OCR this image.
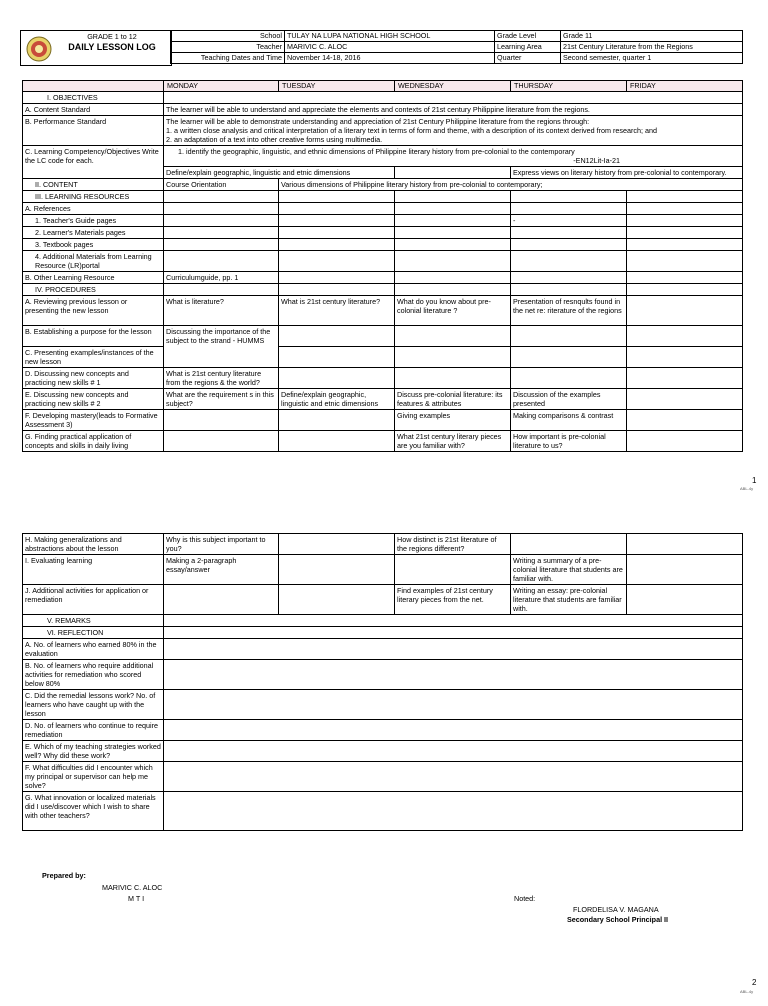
GRADE 1 to 12
DAILY LESSON LOG
School	TULAY NA LUPA NATIONAL HIGH SCHOOL	Grade Level	Grade 11
Teacher	MARIVIC C. ALOC	Learning Area	21st Century Literature from the Regions
Teaching Dates and Time	November 14-18, 2016	Quarter	Second semester, quarter 1
	MONDAY	TUESDAY	WEDNESDAY	THURSDAY	FRIDAY
I. OBJECTIVES					
A. Content Standard	The learner will be able to understand and appreciate the elements and contexts of 21st century Philippine literature from the regions.				
B. Performance Standard	The learner will be able to demonstrate understanding and appreciation of 21st Century Philippine literature from the regions through:
1. a written close analysis and critical interpretation of a literary text in terms of form and theme, with a description of its context derived from research; and
2. an adaptation of a text into other creative forms using multimedia.				

C. Learning Competency/Objectives Write the LC code for each.	1. identify the geographic, linguistic, and ethnic dimensions of Philippine literary history from pre-colonial to the contemporary
-EN12Lit-Ia-21				

	Define/explain geographic, linguistic and etnic dimensions			Express views on literary history from pre-colonial to contemporary.	
II. CONTENT	Course Orientation	Various dimensions of Philippine literary history from pre-colonial to contemporary;			
III. LEARNING RESOURCES					
A. References					
1. Teacher's Guide pages				-	
2. Learner's Materials pages					
3. Textbook pages					
4. Additional Materials from Learning Resource (LR)portal					
B. Other Learning Resource	Curriculumguide, pp. 1				
IV. PROCEDURES					
A. Reviewing previous lesson or presenting the new lesson	What is literature?	What is 21st century literature?	What do you know about pre-colonial literature ?	Presentation of resnqults found in the net re: riterature of the regions	
B. Establishing a purpose for the lesson	Discussing the importance of the subject to the strand - HUMMS				
C. Presenting examples/instances of the new lesson					
D. Discussing new concepts and practicing new skills # 1	What is 21st century literature from the regions & the world?				
E. Discussing new concepts and practicing new skills # 2	What are the requirement s in this subject?	Define/explain geographic, linguistic and etnic dimensions	Discuss pre-colonial literature: its features & attributes	Discussion of the examples presented	
F. Developing mastery(leads to Formative Assessment 3)			Giving examples	Making comparisons & contrast	
G. Finding practical application of concepts and skills in daily living			What 21st century literary pieces are you familiar with?	How important is pre-colonial literature to us?	
1
ABL-4y
H. Making generalizations and abstractions about the lesson	Why is this subject important to you?		How distinct is 21st literature of the regions different?		
I. Evaluating learning	Making a 2-paragraph essay/answer			Writing a summary of a pre-colonial literature that students are familiar with.	
J. Additional activities for application or remediation			Find examples of 21st century literary pieces from the net.	Writing an essay: pre-colonial literature that students are familiar with.	
V. REMARKS					
VI. REFLECTION					
A. No. of learners who earned 80% in the evaluation					
B. No. of learners who require additional activities for remediation who scored below 80%					
C. Did the remedial lessons work? No. of learners who have caught up with the lesson					
D. No. of learners who continue to require remediation					
E. Which of my teaching strategies worked well? Why did these work?					
F. What difficulties did I encounter which my principal or supervisor can help me solve?					
G. What innovation or localized materials did I use/discover which I wish to share with other teachers?					
Prepared by:
MARIVIC C. ALOC
M T I	Noted:
FLORDELISA V. MAGANA
Secondary School Principal II
2
ABL-4y
